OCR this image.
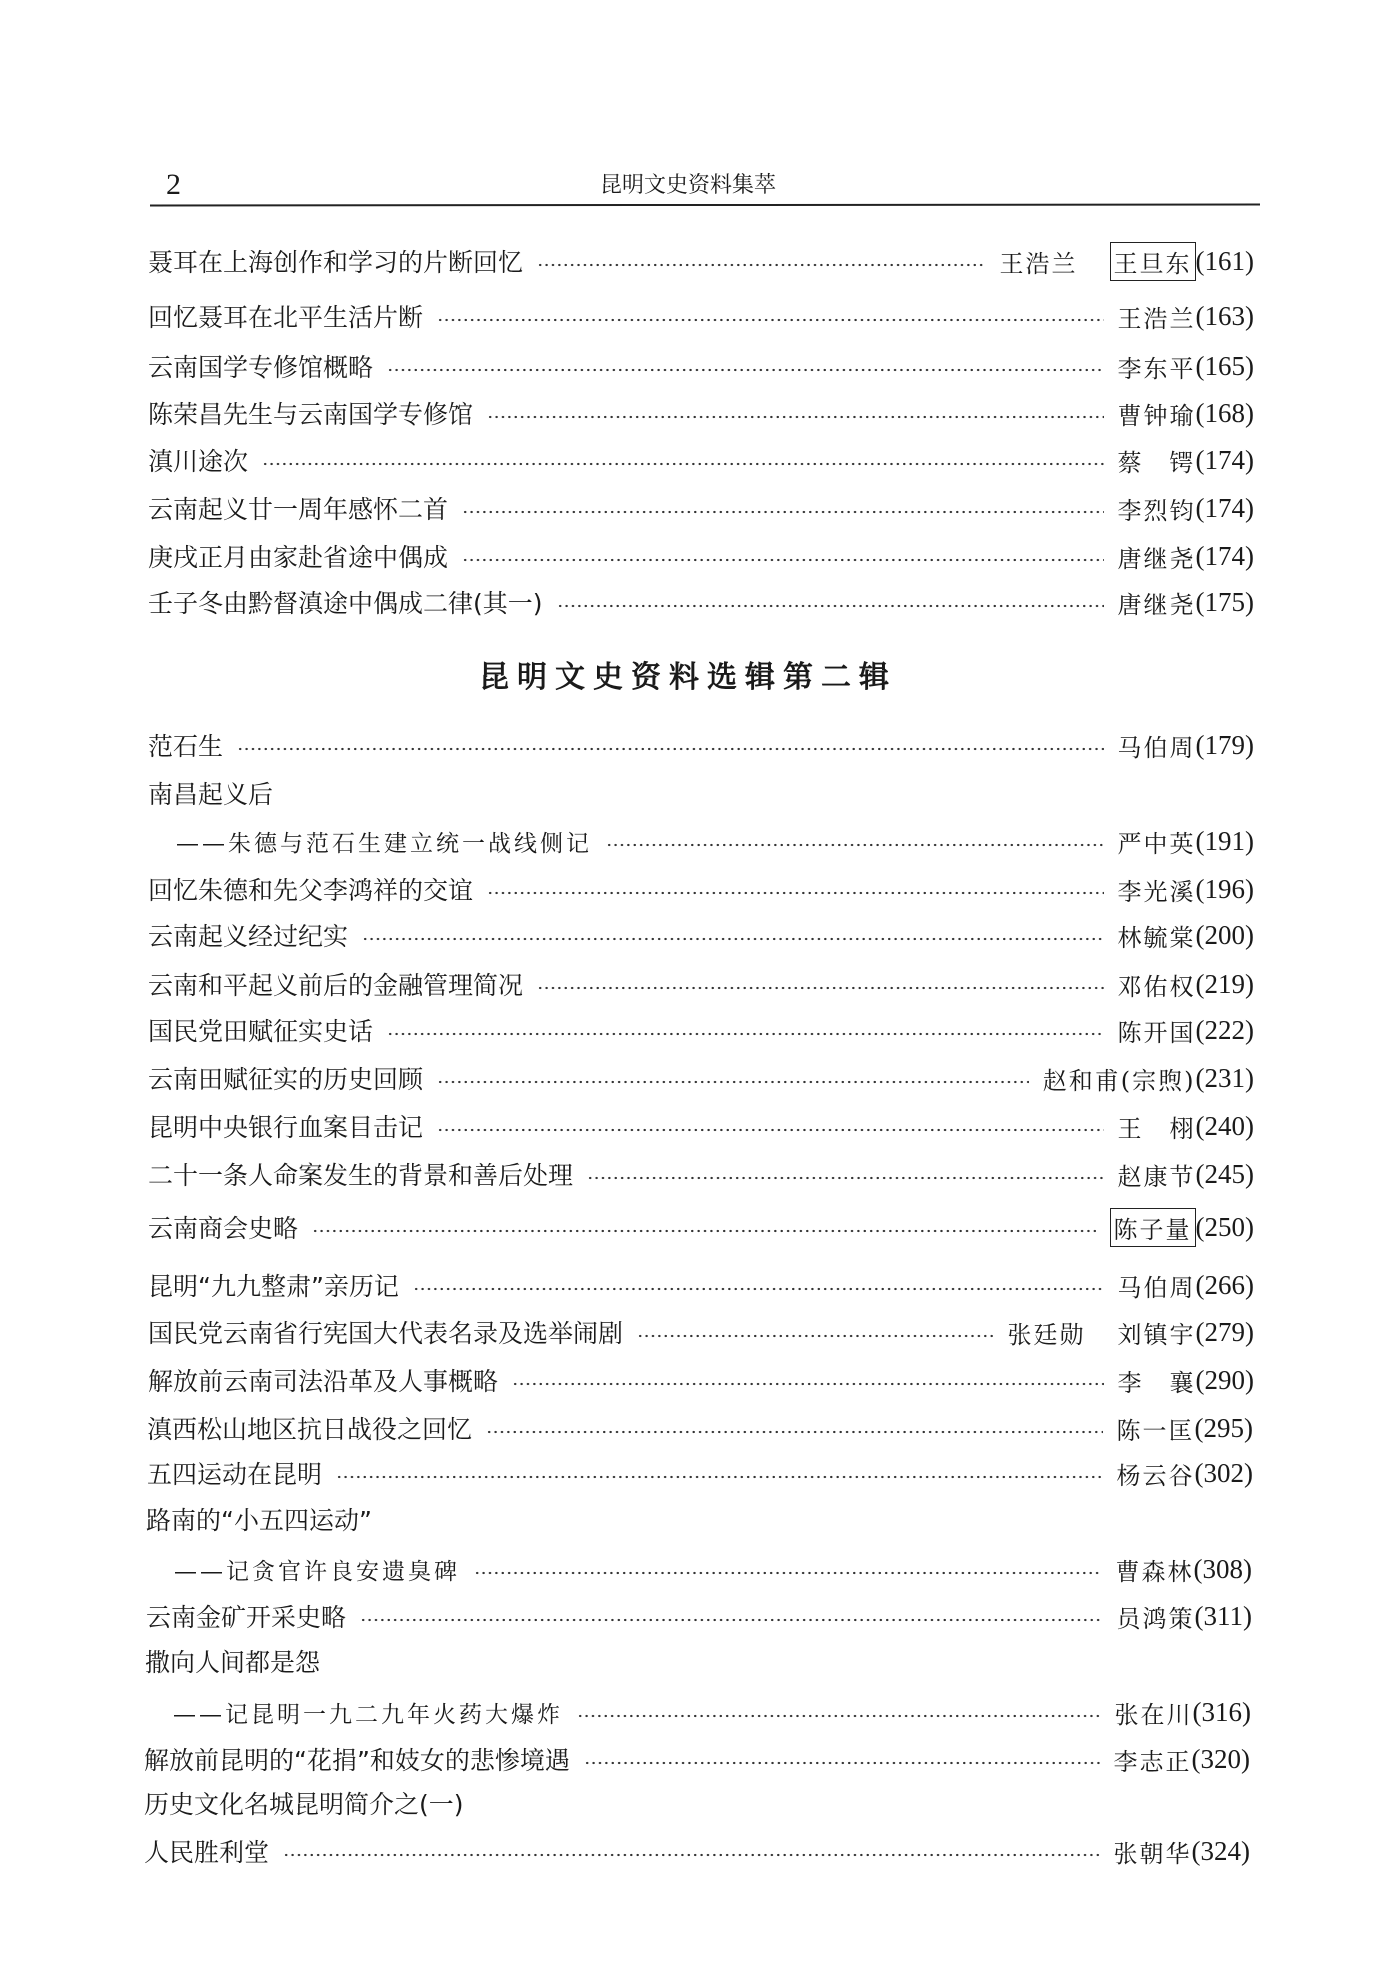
2	昆明文史资料集萃
昆明文史资料选辑第二辑
聂耳在上海创作和学习的片断回忆	王浩兰 王旦东 (161)
回忆聂耳在北平生活片断	王浩兰 (163)
云南国学专修馆概略	李东平 (165)
陈荣昌先生与云南国学专修馆	曹钟瑜 (168)
滇川途次	蔡　锷 (174)
云南起义廿一周年感怀二首	李烈钧 (174)
庚戌正月由家赴省途中偶成	唐继尧 (174)
壬子冬由黔督滇途中偶成二律(其一)	唐继尧 (175)
范石生	马伯周 (179)
南昌起义后
——朱德与范石生建立统一战线侧记	严中英 (191)
回忆朱德和先父李鸿祥的交谊	李光溪 (196)
云南起义经过纪实	林毓棠 (200)
云南和平起义前后的金融管理简况	邓佑权 (219)
国民党田赋征实史话	陈开国 (222)
云南田赋征实的历史回顾	赵和甫(宗煦) (231)
昆明中央银行血案目击记	王　栩 (240)
二十一条人命案发生的背景和善后处理	赵康节 (245)
云南商会史略	陈子量 (250)
昆明“九九整肃”亲历记	马伯周 (266)
国民党云南省行宪国大代表名录及选举闹剧	张廷勋 刘镇宇 (279)
解放前云南司法沿革及人事概略	李　襄 (290)
滇西松山地区抗日战役之回忆	陈一匡 (295)
五四运动在昆明	杨云谷 (302)
路南的“小五四运动”
——记贪官许良安遗臭碑	曹森林 (308)
云南金矿开采史略	员鸿策 (311)
撒向人间都是怨
——记昆明一九二九年火药大爆炸	张在川 (316)
解放前昆明的“花捐”和妓女的悲惨境遇	李志正 (320)
历史文化名城昆明简介之(一)
人民胜利堂	张朝华 (324)
